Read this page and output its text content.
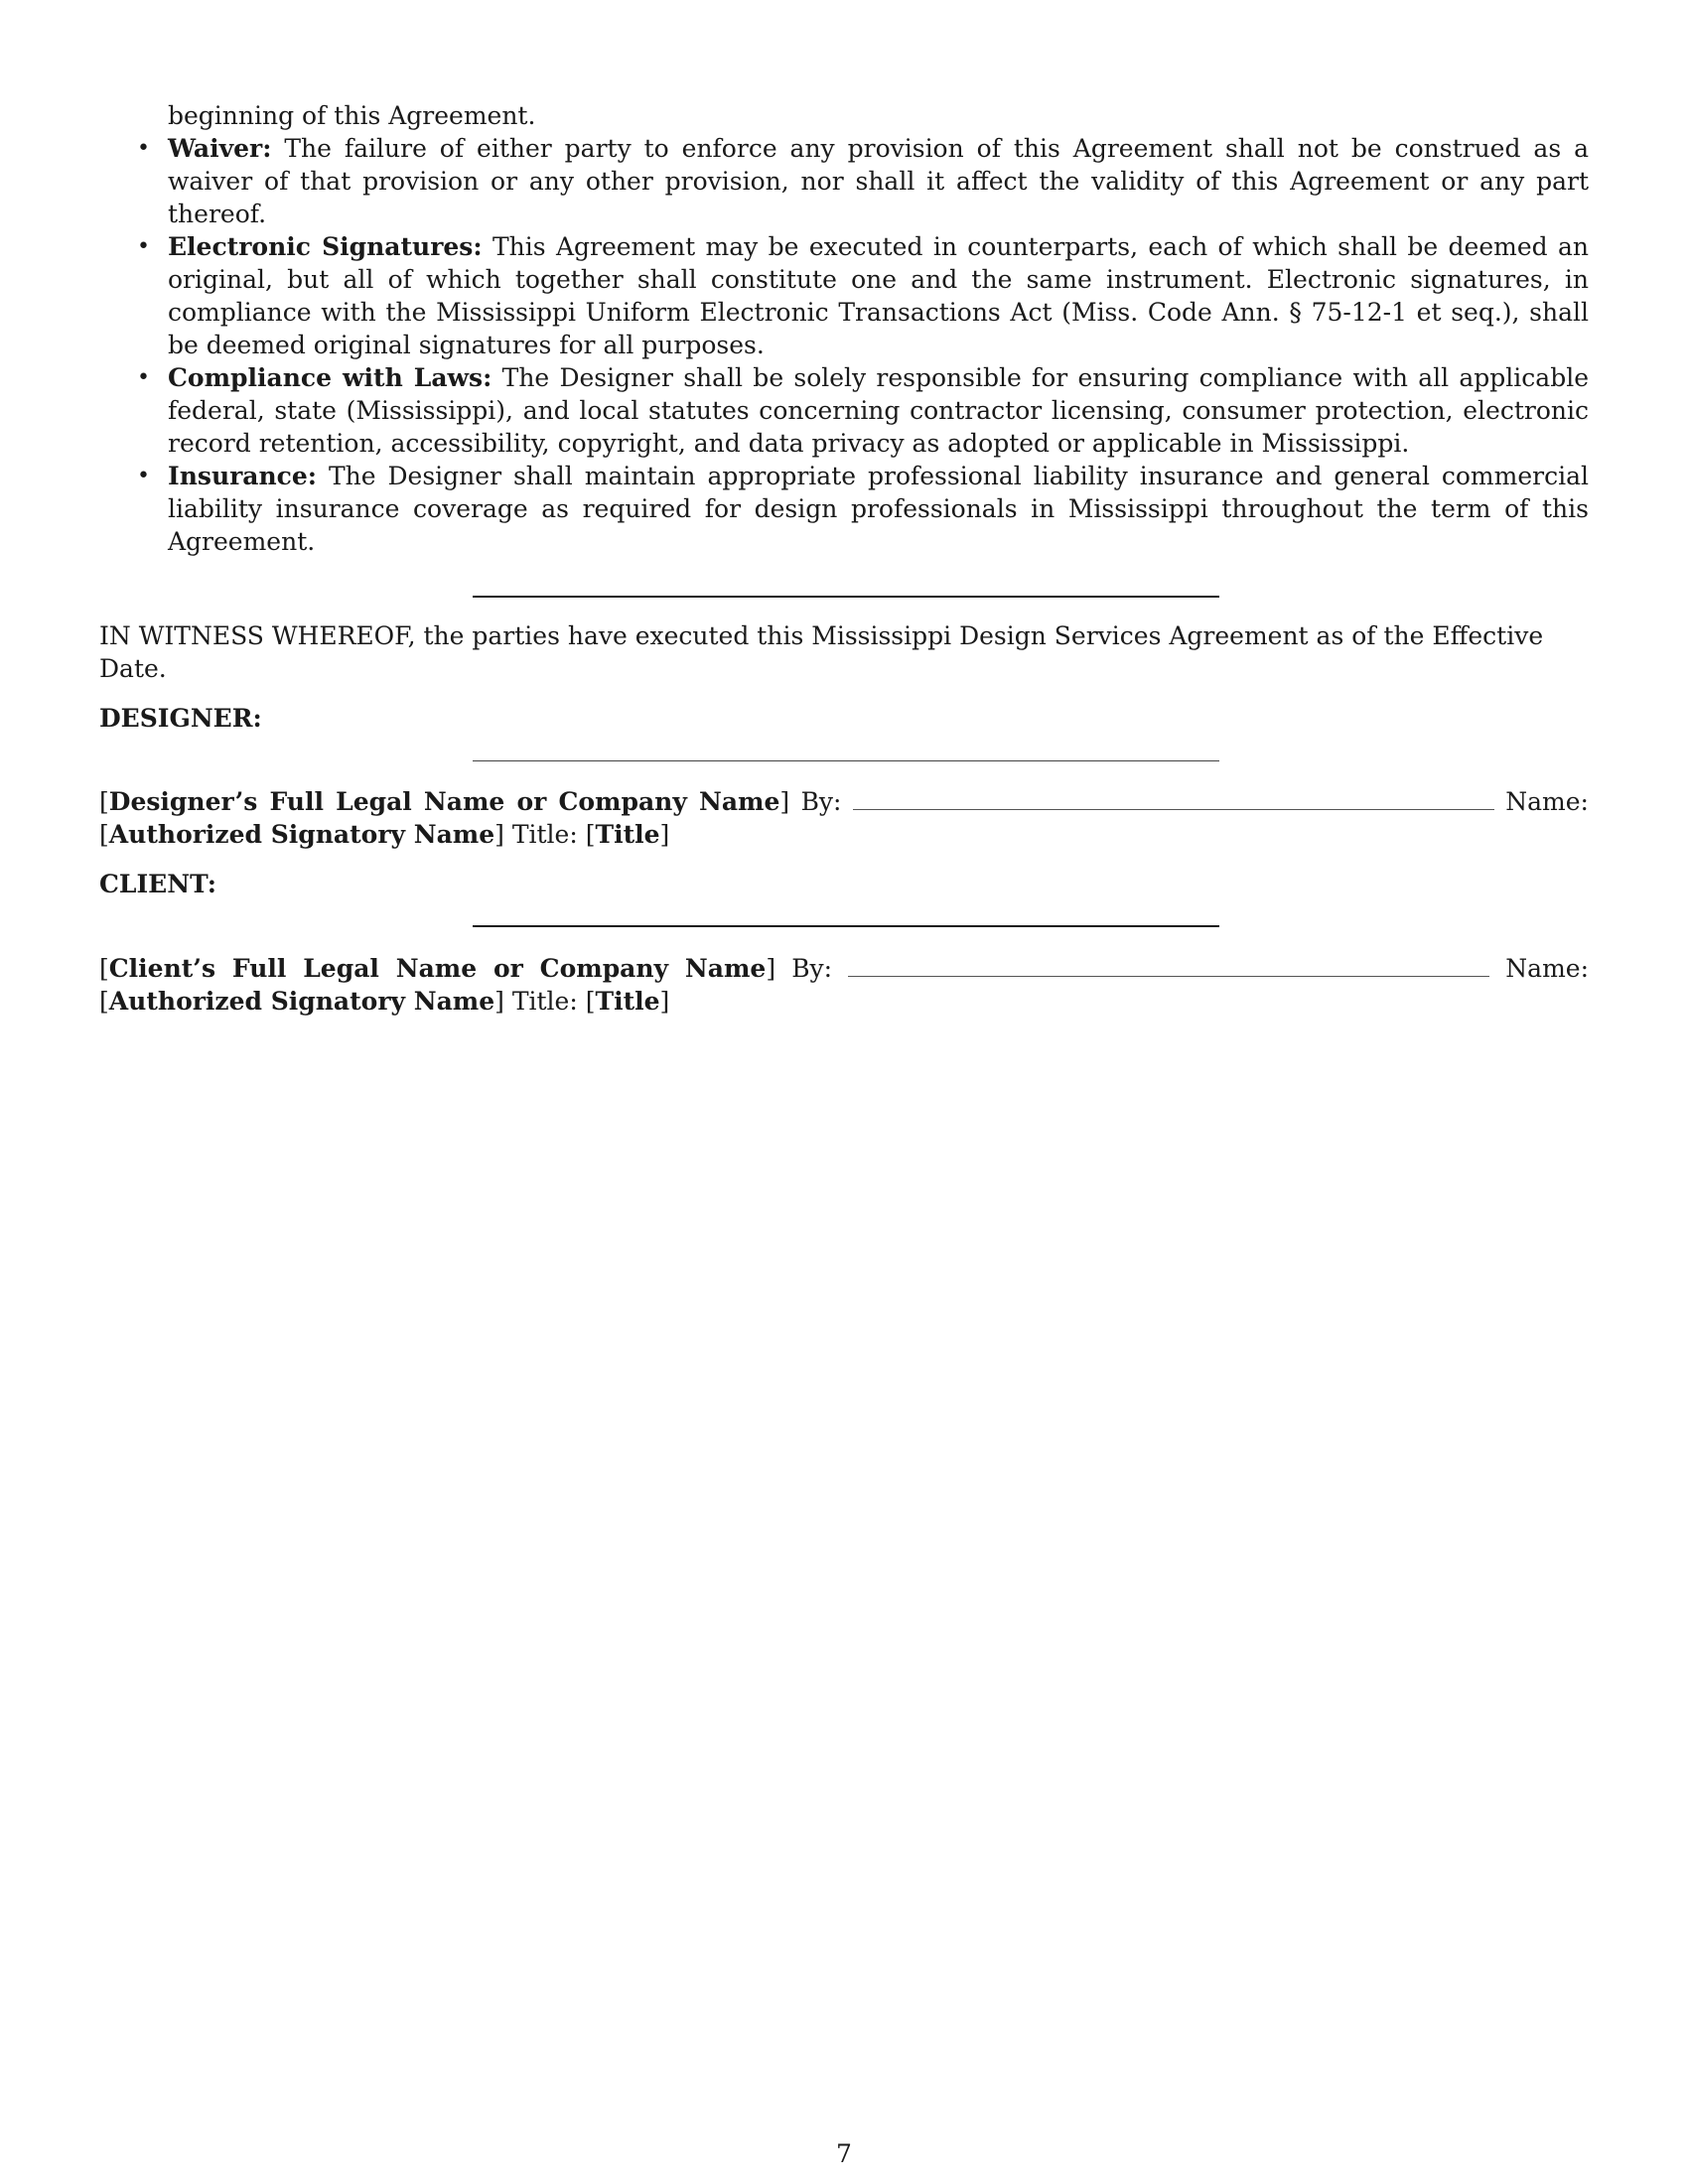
beginning of this Agreement.
• Waiver: The failure of either party to enforce any provision of this Agreement shall not be construed as a waiver of that provision or any other provision, nor shall it affect the validity of this Agreement or any part thereof.
• Electronic Signatures: This Agreement may be executed in counterparts, each of which shall be deemed an original, but all of which together shall constitute one and the same instrument. Electronic signatures, in compliance with the Mississippi Uniform Electronic Transactions Act (Miss. Code Ann. § 75-12-1 et seq.), shall be deemed original signatures for all purposes.
• Compliance with Laws: The Designer shall be solely responsible for ensuring compliance with all applicable federal, state (Mississippi), and local statutes concerning contractor licensing, consumer protection, electronic record retention, accessibility, copyright, and data privacy as adopted or applicable in Mississippi.
• Insurance: The Designer shall maintain appropriate professional liability insurance and general commercial liability insurance coverage as required for design professionals in Mississippi throughout the term of this Agreement.

IN WITNESS WHEREOF, the parties have executed this Mississippi Design Services Agreement as of the Effective Date.

DESIGNER:

[Designer’s Full Legal Name or Company Name] By:	Name: [Authorized Signatory Name] Title: [Title]

CLIENT:

[Client’s Full Legal Name or Company Name] By:	Name: [Authorized Signatory Name] Title: [Title]

7
